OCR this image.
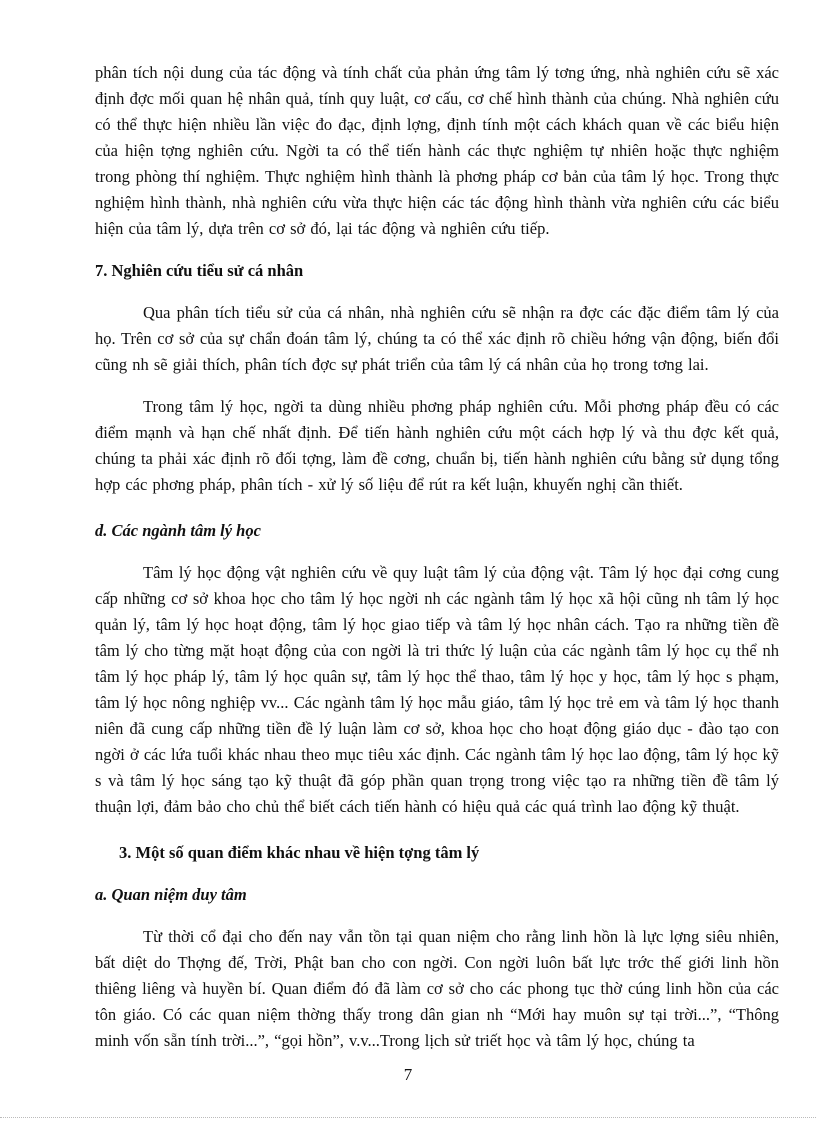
phân tích nội dung của tác động và tính chất của phản ứng tâm lý tơng ứng, nhà nghiên cứu sẽ xác định đợc mối quan hệ nhân quả, tính quy luật, cơ cấu, cơ chế hình thành của chúng. Nhà nghiên cứu có thể thực hiện nhiều lần việc đo đạc, định lợng, định tính một cách khách quan về các biểu hiện của hiện tợng nghiên cứu. Ngời ta có thể tiến hành các thực nghiệm tự nhiên hoặc thực nghiệm trong phòng thí nghiệm. Thực nghiệm hình thành là phơng pháp cơ bản của tâm lý học. Trong thực nghiệm hình thành, nhà nghiên cứu vừa thực hiện các tác động hình thành vừa nghiên cứu các biểu hiện của tâm lý, dựa trên cơ sở đó, lại tác động và nghiên cứu tiếp.

7. Nghiên cứu tiểu sử cá nhân

Qua phân tích tiểu sử của cá nhân, nhà nghiên cứu sẽ nhận ra đợc các đặc điểm tâm lý của họ. Trên cơ sở của sự chẩn đoán tâm lý, chúng ta có thể xác định rõ chiều hớng vận động, biến đổi cũng nh sẽ giải thích, phân tích đợc sự phát triển của tâm lý cá nhân của họ trong tơng lai.

Trong tâm lý học, ngời ta dùng nhiều phơng pháp nghiên cứu. Mỗi phơng pháp đều có các điểm mạnh và hạn chế nhất định. Để tiến hành nghiên cứu một cách hợp lý và thu đợc kết quả, chúng ta phải xác định rõ đối tợng, làm đề cơng, chuẩn bị, tiến hành nghiên cứu bằng sử dụng tổng hợp các phơng pháp, phân tích - xử lý số liệu để rút ra kết luận, khuyến nghị cần thiết.

d. Các ngành tâm lý học

Tâm lý học động vật nghiên cứu về quy luật tâm lý của động vật. Tâm lý học đại cơng cung cấp những cơ sở khoa học cho tâm lý học ngời nh các ngành tâm lý học xã hội cũng nh tâm lý học quản lý, tâm lý học hoạt động, tâm lý học giao tiếp và tâm lý học nhân cách. Tạo ra những tiền đề tâm lý cho từng mặt hoạt động của con ngời là tri thức lý luận của các ngành tâm lý học cụ thể nh tâm lý học pháp lý, tâm lý học quân sự, tâm lý học thể thao, tâm lý học y học, tâm lý học s phạm, tâm lý học nông nghiệp vv... Các ngành tâm lý học mẫu giáo, tâm lý học trẻ em và tâm lý học thanh niên đã cung cấp những tiền đề lý luận làm cơ sở, khoa học cho hoạt động giáo dục - đào tạo con ngời ở các lứa tuổi khác nhau theo mục tiêu xác định. Các ngành tâm lý học lao động, tâm lý học kỹ s và tâm lý học sáng tạo kỹ thuật đã góp phần quan trọng trong việc tạo ra những tiền đề tâm lý thuận lợi, đảm bảo cho chủ thể biết cách tiến hành có hiệu quả các quá trình lao động kỹ thuật.

3. Một số quan điểm khác nhau về hiện tợng tâm lý
a. Quan niệm duy tâm

Từ thời cổ đại cho đến nay vẫn tồn tại quan niệm cho rằng linh hồn là lực lợng siêu nhiên, bất diệt do Thợng đế, Trời, Phật ban cho con ngời. Con ngời luôn bất lực trớc thế giới linh hồn thiêng liêng và huyền bí. Quan điểm đó đã làm cơ sở cho các phong tục thờ cúng linh hồn của các tôn giáo. Có các quan niệm thờng thấy trong dân gian nh “Mới hay muôn sự tại trời...”, “Thông minh vốn sẵn tính trời...”, “gọi hồn”, v.v...Trong lịch sử triết học và tâm lý học, chúng ta

7
